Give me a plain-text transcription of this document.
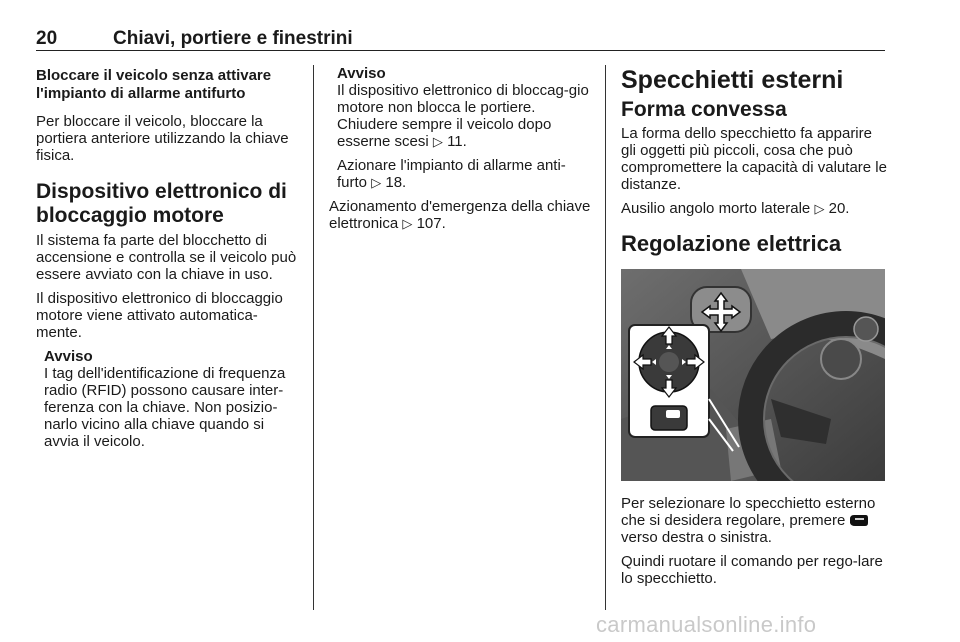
20	Chiavi, portiere e finestrini
Bloccare il veicolo senza attivare l'impianto di allarme antifurto

Per bloccare il veicolo, bloccare la portiera anteriore utilizzando la chiave fisica.

Dispositivo elettronico di bloccaggio motore

Il sistema fa parte del blocchetto di accensione e controlla se il veicolo può essere avviato con la chiave in uso.

Il dispositivo elettronico di bloccaggio motore viene attivato automatica-mente.

Avviso

I tag dell'identificazione di frequenza radio (RFID) possono causare inter-ferenza con la chiave. Non posizio-narlo vicino alla chiave quando si avvia il veicolo.

Avviso

Il dispositivo elettronico di bloccag-gio motore non blocca le portiere. Chiudere sempre il veicolo dopo esserne scesi ▷ 11.

Azionare l'impianto di allarme anti-furto ▷ 18.

Azionamento d'emergenza della chiave elettronica ▷ 107.

Specchietti esterni
Forma convessa

La forma dello specchietto fa apparire gli oggetti più piccoli, cosa che può compromettere la capacità di valutare le distanze.

Ausilio angolo morto laterale ▷ 20.

Regolazione elettrica

Per selezionare lo specchietto esterno che si desidera regolare, premere  verso destra o sinistra.

Quindi ruotare il comando per rego-lare lo specchietto.

carmanualsonline.info
